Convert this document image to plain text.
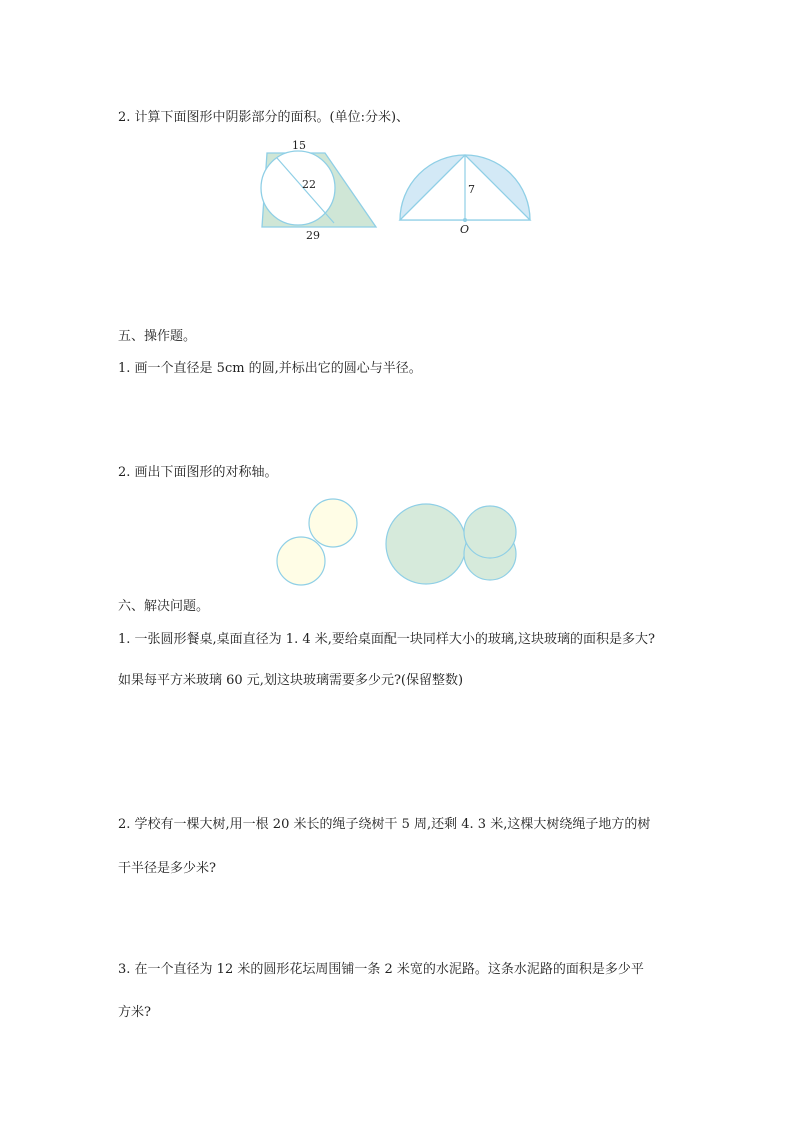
2. 计算下面图形中阴影部分的面积。(单位:分米)、
15
22
29
7
O
五、操作题。
1. 画一个直径是 5cm 的圆,并标出它的圆心与半径。
2. 画出下面图形的对称轴。
六、解决问题。
1. 一张圆形餐桌,桌面直径为 1. 4 米,要给桌面配一块同样大小的玻璃,这块玻璃的面积是多大?
如果每平方米玻璃 60 元,划这块玻璃需要多少元?(保留整数)
2. 学校有一棵大树,用一根 20 米长的绳子绕树干 5 周,还剩 4. 3 米,这棵大树绕绳子地方的树
干半径是多少米?
3. 在一个直径为 12 米的圆形花坛周围铺一条 2 米宽的水泥路。这条水泥路的面积是多少平
方米?
